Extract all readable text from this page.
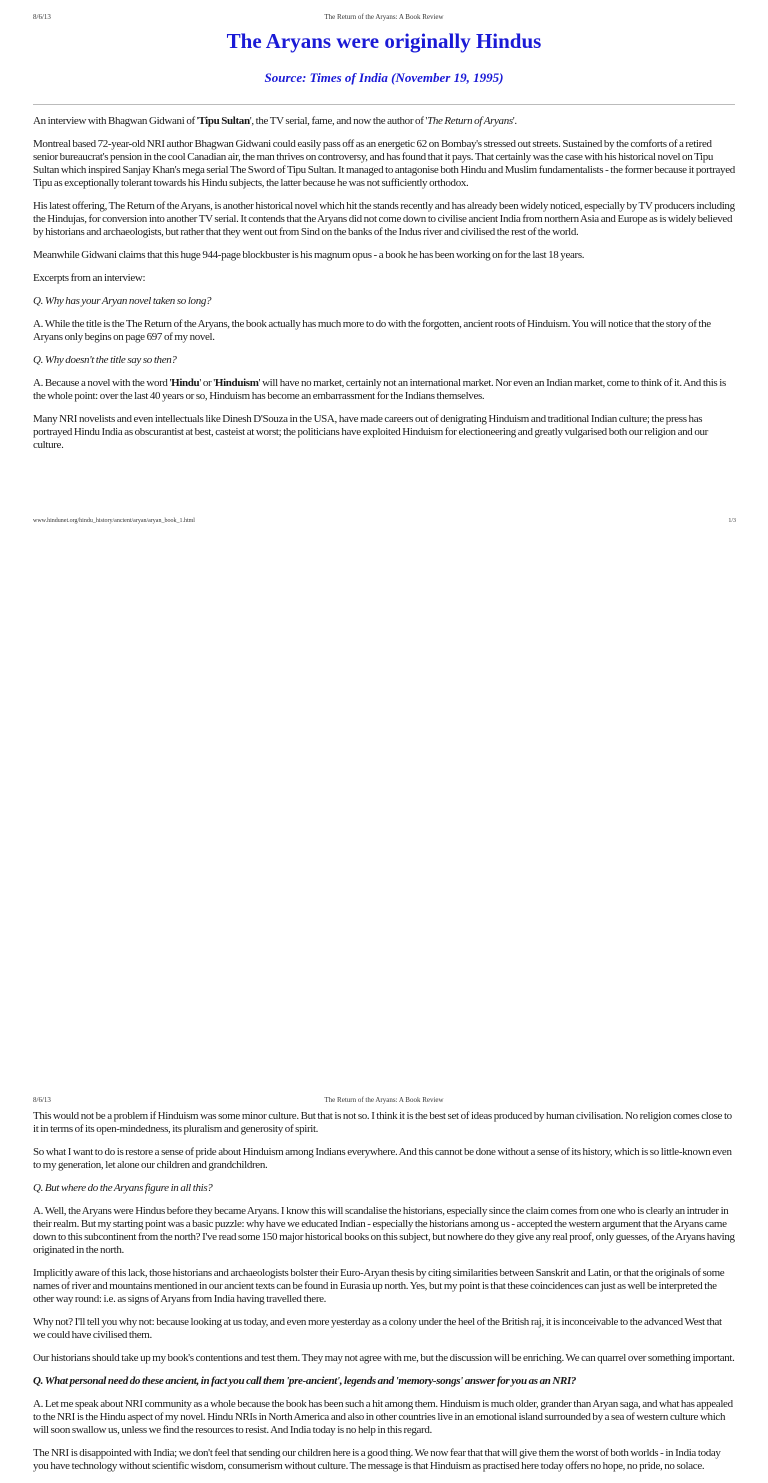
8/6/13	The Return of the Aryans: A Book Review
The Aryans were originally Hindus

Source: Times of India (November 19, 1995)

An interview with Bhagwan Gidwani of 'Tipu Sultan', the TV serial, fame, and now the author of 'The Return of Aryans'.

Montreal based 72-year-old NRI author Bhagwan Gidwani could easily pass off as an energetic 62 on Bombay's stressed out streets. Sustained by the comforts of a retired senior bureaucrat's pension in the cool Canadian air, the man thrives on controversy, and has found that it pays. That certainly was the case with his historical novel on Tipu Sultan which inspired Sanjay Khan's mega serial The Sword of Tipu Sultan. It managed to antagonise both Hindu and Muslim fundamentalists - the former because it portrayed Tipu as exceptionally tolerant towards his Hindu subjects, the latter because he was not sufficiently orthodox.

His latest offering, The Return of the Aryans, is another historical novel which hit the stands recently and has already been widely noticed, especially by TV producers including the Hindujas, for conversion into another TV serial. It contends that the Aryans did not come down to civilise ancient India from northern Asia and Europe as is widely believed by historians and archaeologists, but rather that they went out from Sind on the banks of the Indus river and civilised the rest of the world.

Meanwhile Gidwani claims that this huge 944-page blockbuster is his magnum opus - a book he has been working on for the last 18 years.

Excerpts from an interview:

Q. Why has your Aryan novel taken so long?

A. While the title is the The Return of the Aryans, the book actually has much more to do with the forgotten, ancient roots of Hinduism. You will notice that the story of the Aryans only begins on page 697 of my novel.

Q. Why doesn't the title say so then?

A. Because a novel with the word 'Hindu' or 'Hinduism' will have no market, certainly not an international market. Nor even an Indian market, come to think of it. And this is the whole point: over the last 40 years or so, Hinduism has become an embarrassment for the Indians themselves.

Many NRI novelists and even intellectuals like Dinesh D'Souza in the USA, have made careers out of denigrating Hinduism and traditional Indian culture; the press has portrayed Hindu India as obscurantist at best, casteist at worst; the politicians have exploited Hinduism for electioneering and greatly vulgarised both our religion and our culture.

www.hindunet.org/hindu_history/ancient/aryan/aryan_book_1.html	1/3
8/6/13	The Return of the Aryans: A Book Review

This would not be a problem if Hinduism was some minor culture. But that is not so. I think it is the best set of ideas produced by human civilisation. No religion comes close to it in terms of its open-mindedness, its pluralism and generosity of spirit.

So what I want to do is restore a sense of pride about Hinduism among Indians everywhere. And this cannot be done without a sense of its history, which is so little-known even to my generation, let alone our children and grandchildren.

Q. But where do the Aryans figure in all this?

A. Well, the Aryans were Hindus before they became Aryans. I know this will scandalise the historians, especially since the claim comes from one who is clearly an intruder in their realm. But my starting point was a basic puzzle: why have we educated Indian - especially the historians among us - accepted the western argument that the Aryans came down to this subcontinent from the north? I've read some 150 major historical books on this subject, but nowhere do they give any real proof, only guesses, of the Aryans having originated in the north.

Implicitly aware of this lack, those historians and archaeologists bolster their Euro-Aryan thesis by citing similarities between Sanskrit and Latin, or that the originals of some names of river and mountains mentioned in our ancient texts can be found in Eurasia up north. Yes, but my point is that these coincidences can just as well be interpreted the other way round: i.e. as signs of Aryans from India having travelled there.

Why not? I'll tell you why not: because looking at us today, and even more yesterday as a colony under the heel of the British raj, it is inconceivable to the advanced West that we could have civilised them.

Our historians should take up my book's contentions and test them. They may not agree with me, but the discussion will be enriching. We can quarrel over something important.

Q. What personal need do these ancient, in fact you call them 'pre-ancient', legends and 'memory-songs' answer for you as an NRI?

A. Let me speak about NRI community as a whole because the book has been such a hit among them. Hinduism is much older, grander than Aryan saga, and what has appealed to the NRI is the Hindu aspect of my novel. Hindu NRIs in North America and also in other countries live in an emotional island surrounded by a sea of western culture which will soon swallow us, unless we find the resources to resist. And India today is no help in this regard.

The NRI is disappointed with India; we don't feel that sending our children here is a good thing. We now fear that that will give them the worst of both worlds - in India today you have technology without scientific wisdom, consumerism without culture. The message is that Hinduism as practised here today offers no hope, no pride, no solace.
